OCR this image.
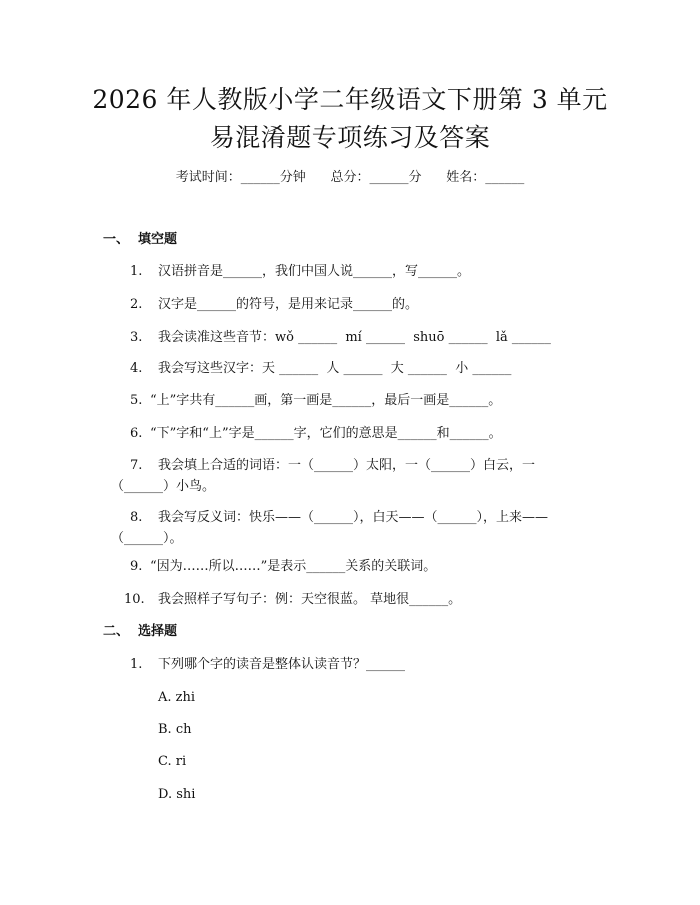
2026 年人教版小学二年级语文下册第 3 单元
易混淆题专项练习及答案
考试时间：______分钟      总分：______分      姓名：______
一、  填空题
1.	汉语拼音是______，我们中国人说______，写______。
2.	汉字是______的符号，是用来记录______的。
3.	我会读准这些音节：wǒ ______  mí ______  shuō ______  lǎ ______
4.	我会写这些汉字：天 ______  人 ______  大 ______  小 ______
5. “上”字共有______画，第一画是______，最后一画是______。
6. “下”字和“上”字是______字，它们的意思是______和______。
7.	我会填上合适的词语：一（______）太阳，一（______）白云，一
（______）小鸟。
8.	我会写反义词：快乐——（______），白天——（______），上来——
（______）。
9. “因为……所以……”是表示______关系的关联词。
10. 我会照样子写句子：例：天空很蓝。 草地很______。
二、  选择题
1.	下列哪个字的读音是整体认读音节？______
A. zhi
B. ch
C. ri
D. shi
